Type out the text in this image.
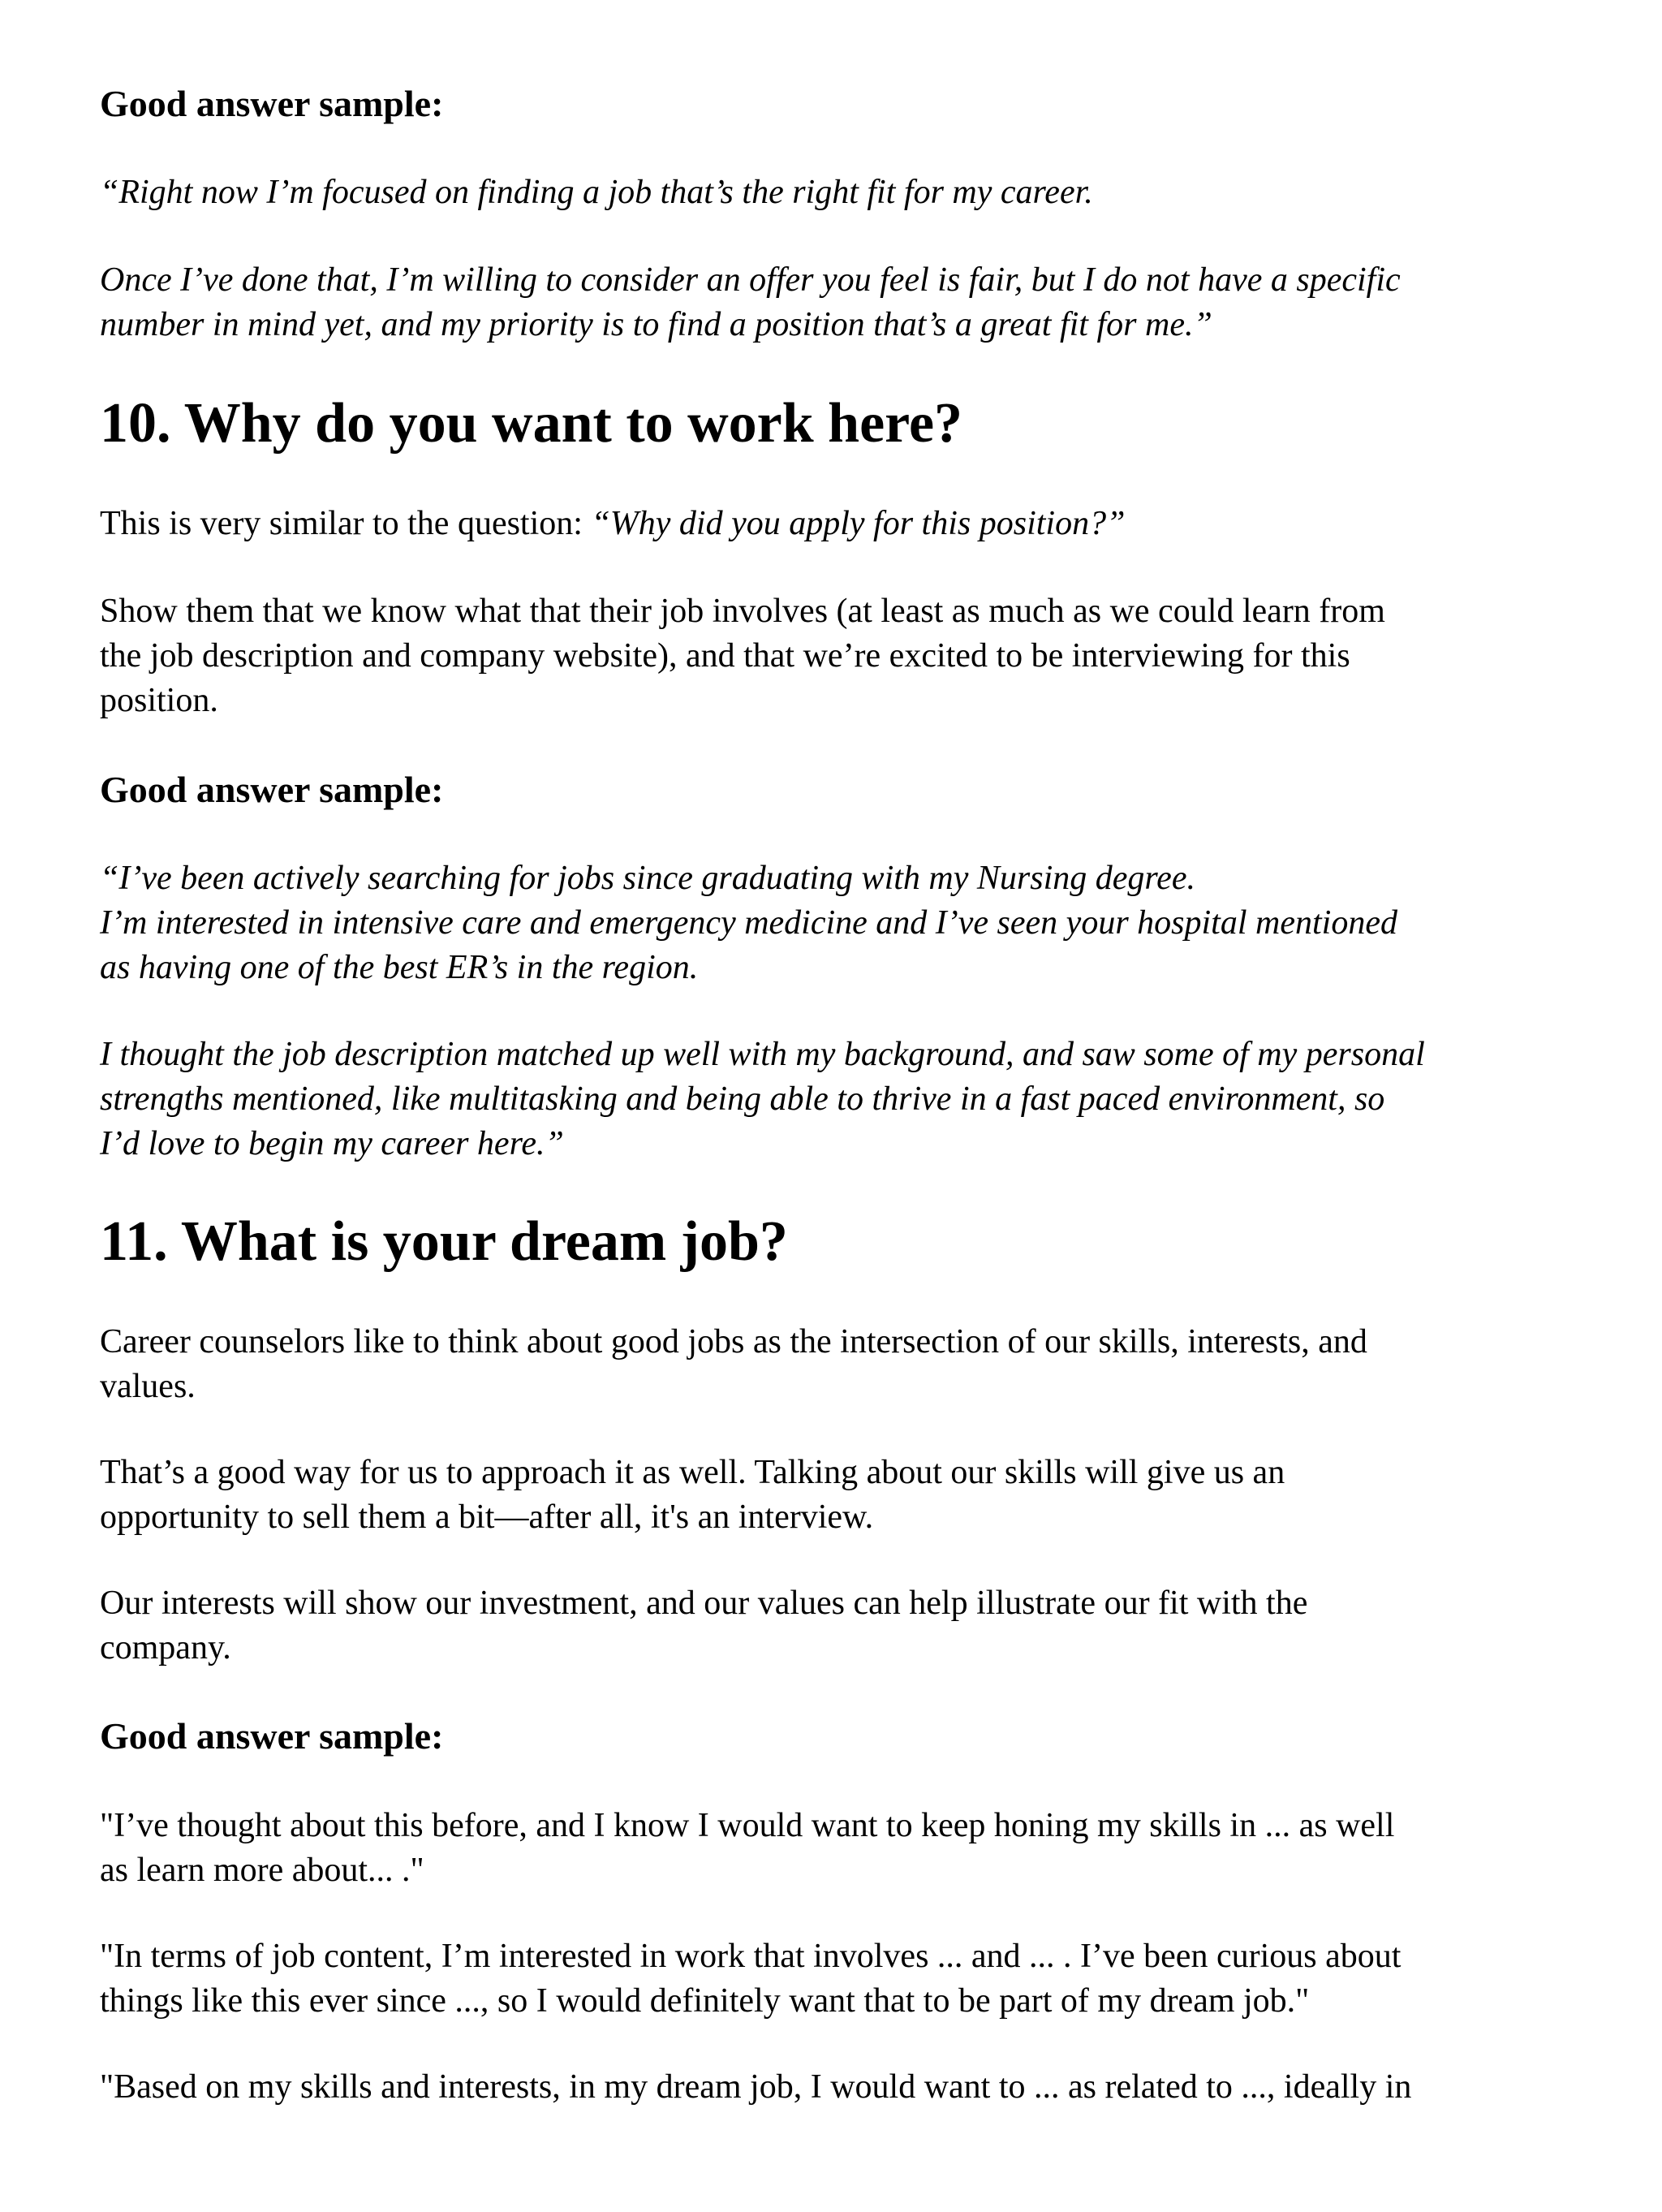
Good answer sample:
“Right now I’m focused on finding a job that’s the right fit for my career.
Once I’ve done that, I’m willing to consider an offer you feel is fair, but I do not have a specific
number in mind yet, and my priority is to find a position that’s a great fit for me.”
10. Why do you want to work here?
This is very similar to the question: “Why did you apply for this position?”
Show them that we know what that their job involves (at least as much as we could learn from
the job description and company website), and that we’re excited to be interviewing for this
position.
Good answer sample:
“I’ve been actively searching for jobs since graduating with my Nursing degree.
I’m interested in intensive care and emergency medicine and I’ve seen your hospital mentioned
as having one of the best ER’s in the region.
I thought the job description matched up well with my background, and saw some of my personal
strengths mentioned, like multitasking and being able to thrive in a fast paced environment, so
I’d love to begin my career here.”
11. What is your dream job?
Career counselors like to think about good jobs as the intersection of our skills, interests, and
values.
That’s a good way for us to approach it as well. Talking about our skills will give us an
opportunity to sell them a bit—after all, it's an interview.
Our interests will show our investment, and our values can help illustrate our fit with the
company.
Good answer sample:
"I’ve thought about this before, and I know I would want to keep honing my skills in ... as well
as learn more about... ."
"In terms of job content, I’m interested in work that involves ... and ... . I’ve been curious about
things like this ever since ..., so I would definitely want that to be part of my dream job."
"Based on my skills and interests, in my dream job, I would want to ... as related to ..., ideally in
